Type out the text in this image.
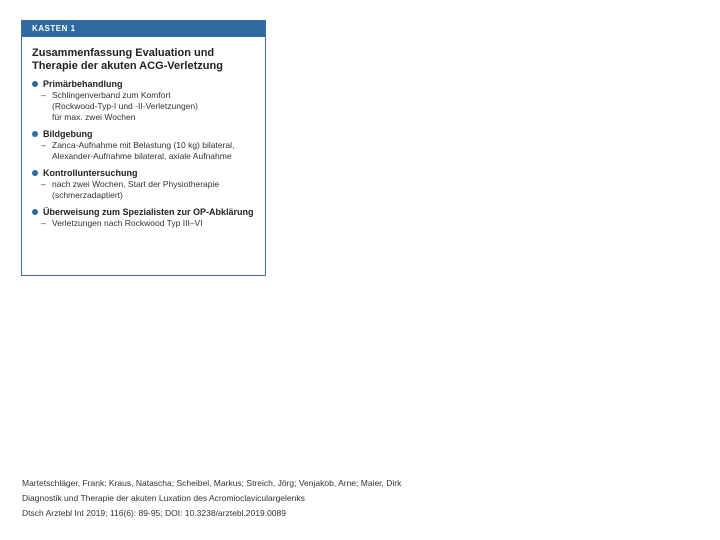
KASTEN 1
Zusammenfassung Evaluation und
Therapie der akuten ACG-Verletzung
Primärbehandlung
– Schlingenverband zum Komfort
(Rockwood-Typ-I und -II-Verletzungen)
für max. zwei Wochen
Bildgebung
– Zanca-Aufnahme mit Belastung (10 kg) bilateral,
Alexander-Aufnahme bilateral, axiale Aufnahme
Kontrolluntersuchung
– nach zwei Wochen, Start der Physiotherapie
(schmerzadaptiert)
Überweisung zum Spezialisten zur OP-Abklärung
– Verletzungen nach Rockwood Typ III–VI
Martetschläger, Frank; Kraus, Natascha; Scheibel, Markus; Streich, Jörg; Venjakob, Arne; Maier, Dirk
Diagnostik und Therapie der akuten Luxation des Acromioclaviculargelenks
Dtsch Arztebl Int 2019; 116(6): 89-95; DOI: 10.3238/arztebl.2019.0089
